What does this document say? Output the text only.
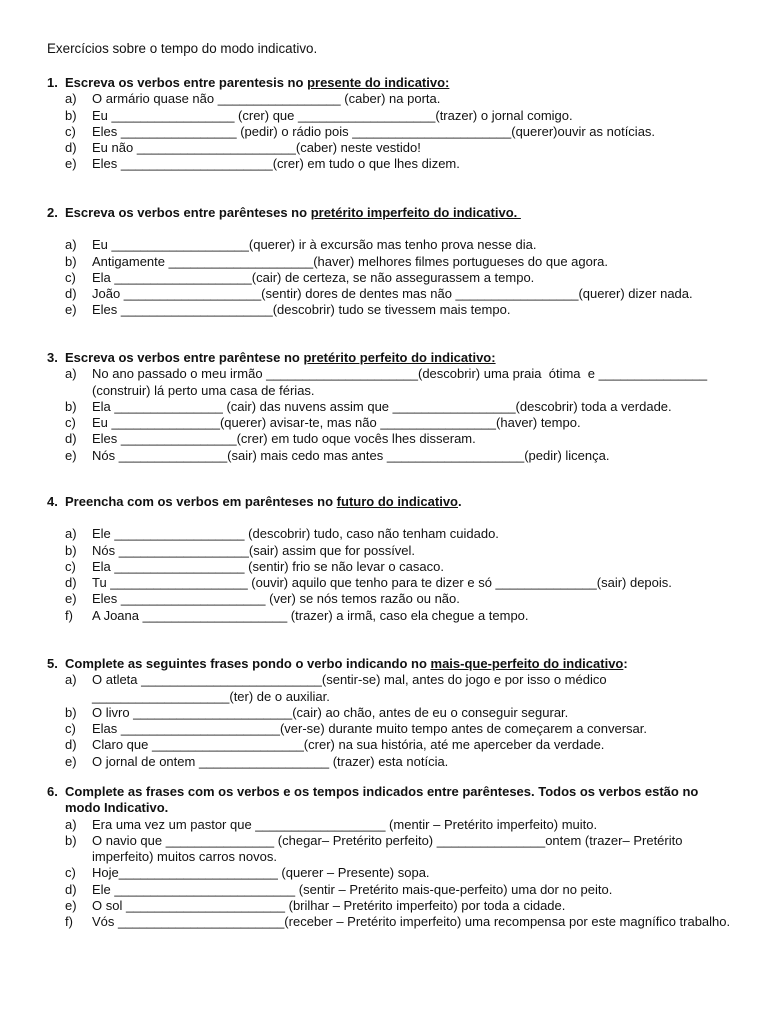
Exercícios sobre o tempo do modo indicativo.
1. Escreva os verbos entre parentesis no presente do indicativo:
a)	O armário quase não _________________ (caber) na porta.
b)	Eu _________________ (crer) que ___________________(trazer) o jornal comigo.
c)	Eles ________________ (pedir) o rádio pois ______________________(querer)ouvir as notícias.
d)	Eu não ______________________(caber) neste vestido!
e)	Eles _____________________(crer) em tudo o que lhes dizem.
2. Escreva os verbos entre parênteses no pretérito imperfeito do indicativo.
a)	Eu ___________________(querer) ir à excursão mas tenho prova nesse dia.
b)	Antigamente ____________________(haver) melhores filmes portugueses do que agora.
c)	Ela ___________________(cair) de certeza, se não assegurassem a tempo.
d)	João ___________________(sentir) dores de dentes mas não _________________(querer) dizer nada.
e)	Eles _____________________(descobrir) tudo se tivessem mais tempo.
3. Escreva os verbos entre parêntese no pretérito perfeito do indicativo:
a)	No ano passado o meu irmão _____________________(descobrir) uma praia  ótima  e _______________ (construir) lá perto uma casa de férias.
b)	Ela _______________ (cair) das nuvens assim que _________________(descobrir) toda a verdade.
c)	Eu _______________(querer) avisar-te, mas não ________________(haver) tempo.
d)	Eles ________________(crer) em tudo oque vocês lhes disseram.
e)	Nós _______________(sair) mais cedo mas antes ___________________(pedir) licença.
4. Preencha com os verbos em parênteses no futuro do indicativo.
a)	Ele __________________ (descobrir) tudo, caso não tenham cuidado.
b)	Nós __________________(sair) assim que for possível.
c)	Ela __________________ (sentir) frio se não levar o casaco.
d)	Tu ___________________ (ouvir) aquilo que tenho para te dizer e só ______________(sair) depois.
e)	Eles ____________________ (ver) se nós temos razão ou não.
f)	A Joana ____________________ (trazer) a irmã, caso ela chegue a tempo.
5. Complete as seguintes frases pondo o verbo indicando no mais-que-perfeito do indicativo:
a)	O atleta _________________________(sentir-se) mal, antes do jogo e por isso o médico ___________________(ter) de o auxiliar.
b)	O livro ______________________(cair) ao chão, antes de eu o conseguir segurar.
c)	Elas ______________________(ver-se) durante muito tempo antes de começarem a conversar.
d)	Claro que _____________________(crer) na sua história, até me aperceber da verdade.
e)	O jornal de ontem __________________ (trazer) esta notícia.
6. Complete as frases com os verbos e os tempos indicados entre parênteses. Todos os verbos estão no modo Indicativo.
a)	Era uma vez um pastor que __________________ (mentir – Pretérito imperfeito) muito.
b)	O navio que _______________ (chegar– Pretérito perfeito) _______________ontem (trazer– Pretérito imperfeito) muitos carros novos.
c)	Hoje______________________ (querer – Presente) sopa.
d)	Ele _________________________ (sentir – Pretérito mais-que-perfeito) uma dor no peito.
e)	O sol ______________________ (brilhar – Pretérito imperfeito) por toda a cidade.
f)	Vós _______________________(receber – Pretérito imperfeito) uma recompensa por este magnífico trabalho.
